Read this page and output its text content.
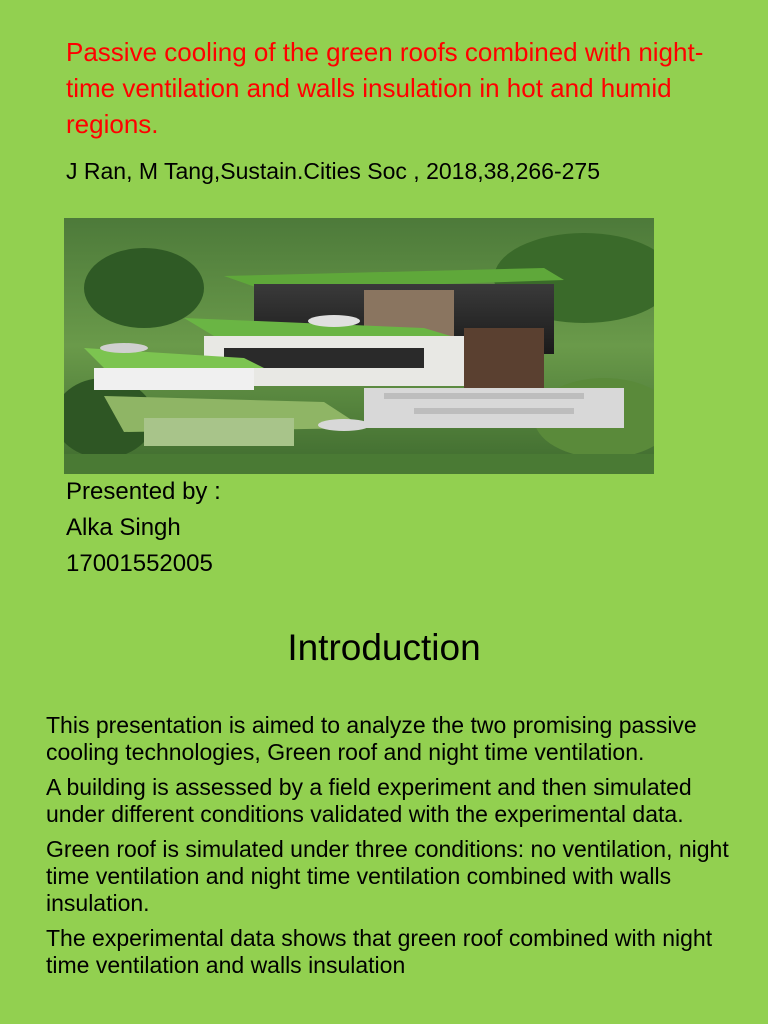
Passive cooling of the green roofs combined with night-time ventilation and walls insulation in hot and humid regions.
J Ran, M Tang,Sustain.Cities Soc , 2018,38,266-275
Presented by :
Alka Singh
17001552005
Introduction

This presentation is aimed to analyze the two promising passive cooling technologies, Green roof and night time ventilation.

A building is assessed by a field experiment and then simulated under different conditions validated with the experimental data.

Green roof is simulated under three conditions: no ventilation, night time ventilation and night time ventilation combined with walls insulation.

The experimental data shows that green roof combined with night time ventilation and walls insulation
